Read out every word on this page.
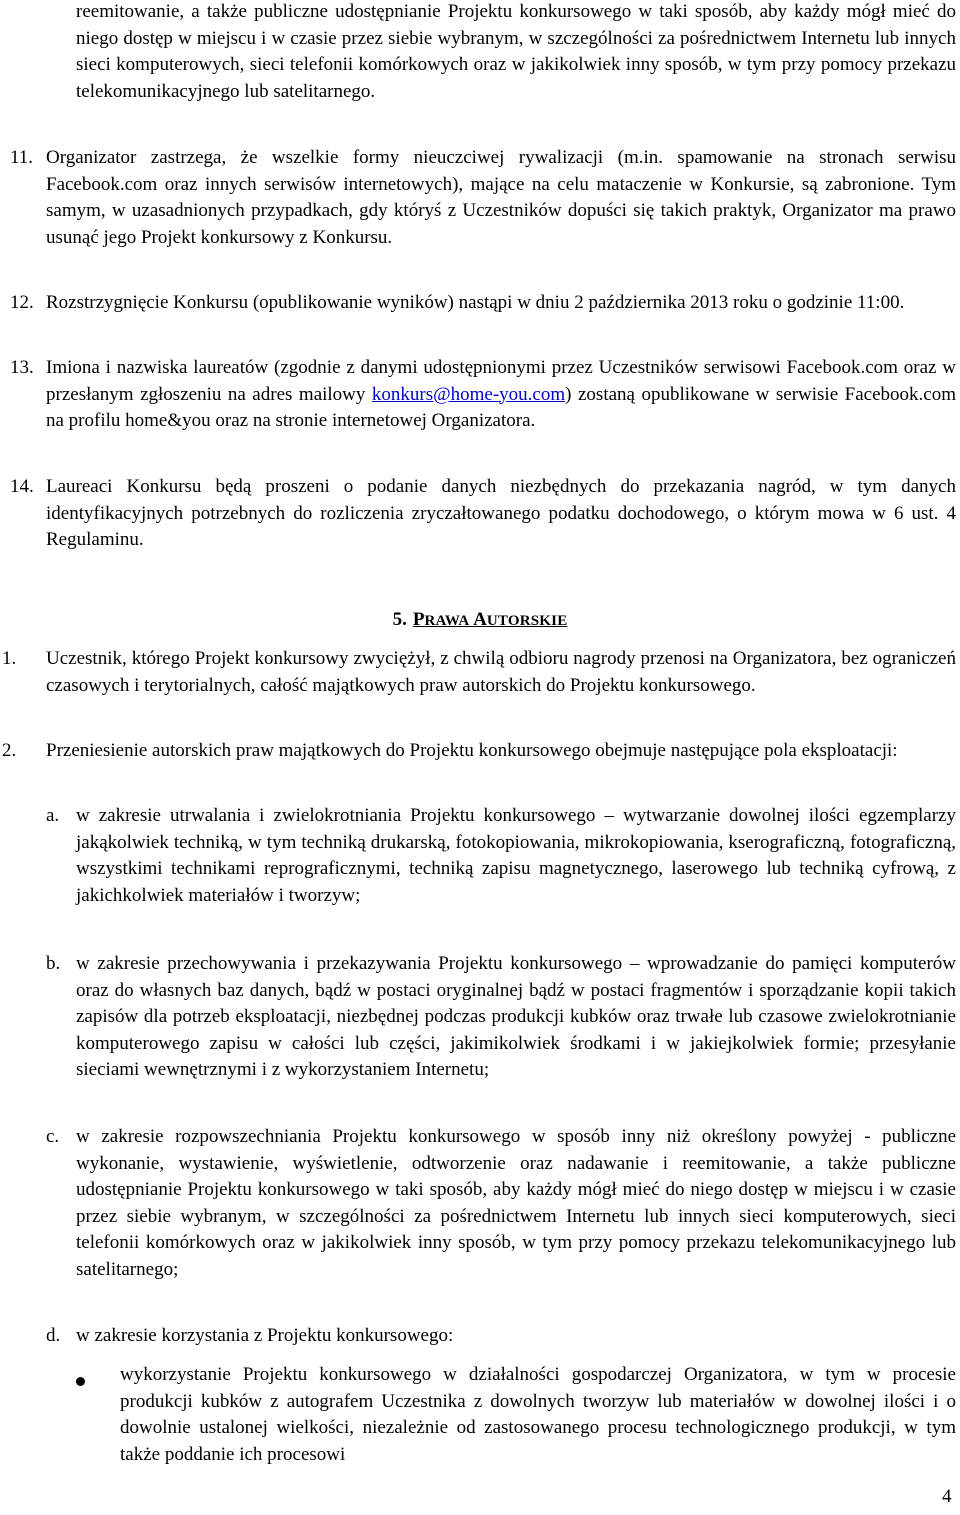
reemitowanie, a także publiczne udostępnianie Projektu konkursowego w taki sposób, aby każdy mógł mieć do niego dostęp w miejscu i w czasie przez siebie wybranym, w szczególności za pośrednictwem Internetu lub innych sieci komputerowych, sieci telefonii komórkowych oraz w jakikolwiek inny sposób, w tym przy pomocy przekazu telekomunikacyjnego lub satelitarnego.

11. Organizator zastrzega, że wszelkie formy nieuczciwej rywalizacji (m.in. spamowanie na stronach serwisu Facebook.com oraz innych serwisów internetowych), mające na celu mataczenie w Konkursie, są zabronione. Tym samym, w uzasadnionych przypadkach, gdy któryś z Uczestników dopuści się takich praktyk, Organizator ma prawo usunąć jego Projekt konkursowy z Konkursu.

12. Rozstrzygnięcie Konkursu (opublikowanie wyników) nastąpi w dniu 2 października 2013 roku o godzinie 11:00.

13. Imiona i nazwiska laureatów (zgodnie z danymi udostępnionymi przez Uczestników serwisowi Facebook.com oraz w przesłanym zgłoszeniu na adres mailowy konkurs@home-you.com) zostaną opublikowane w serwisie Facebook.com na profilu home&you oraz na stronie internetowej Organizatora.

14. Laureaci Konkursu będą proszeni o podanie danych niezbędnych do przekazania nagród, w tym danych identyfikacyjnych potrzebnych do rozliczenia zryczałtowanego podatku dochodowego, o którym mowa w 6 ust. 4 Regulaminu.

5. PRAWA AUTORSKIE

1. Uczestnik, którego Projekt konkursowy zwyciężył, z chwilą odbioru nagrody przenosi na Organizatora, bez ograniczeń czasowych i terytorialnych, całość majątkowych praw autorskich do Projektu konkursowego.

2. Przeniesienie autorskich praw majątkowych do Projektu konkursowego obejmuje następujące pola eksploatacji:

a. w zakresie utrwalania i zwielokrotniania Projektu konkursowego – wytwarzanie dowolnej ilości egzemplarzy jakąkolwiek techniką, w tym techniką drukarską, fotokopiowania, mikrokopiowania, kserograficzną, fotograficzną, wszystkimi technikami reprograficznymi, techniką zapisu magnetycznego, laserowego lub techniką cyfrową, z jakichkolwiek materiałów i tworzyw;

b. w zakresie przechowywania i przekazywania Projektu konkursowego – wprowadzanie do pamięci komputerów oraz do własnych baz danych, bądź w postaci oryginalnej bądź w postaci fragmentów i sporządzanie kopii takich zapisów dla potrzeb eksploatacji, niezbędnej podczas produkcji kubków oraz trwałe lub czasowe zwielokrotnianie komputerowego zapisu w całości lub części, jakimikolwiek środkami i w jakiejkolwiek formie; przesyłanie sieciami wewnętrznymi i z wykorzystaniem Internetu;

c. w zakresie rozpowszechniania Projektu konkursowego w sposób inny niż określony powyżej - publiczne wykonanie, wystawienie, wyświetlenie, odtworzenie oraz nadawanie i reemitowanie, a także publiczne udostępnianie Projektu konkursowego w taki sposób, aby każdy mógł mieć do niego dostęp w miejscu i w czasie przez siebie wybranym, w szczególności za pośrednictwem Internetu lub innych sieci komputerowych, sieci telefonii komórkowych oraz w jakikolwiek inny sposób, w tym przy pomocy przekazu telekomunikacyjnego lub satelitarnego;

d. w zakresie korzystania z Projektu konkursowego:

wykorzystanie Projektu konkursowego w działalności gospodarczej Organizatora, w tym w procesie produkcji kubków z autografem Uczestnika z dowolnych tworzyw lub materiałów w dowolnej ilości i o dowolnie ustalonej wielkości, niezależnie od zastosowanego procesu technologicznego produkcji, w tym także poddanie ich procesowi

4
